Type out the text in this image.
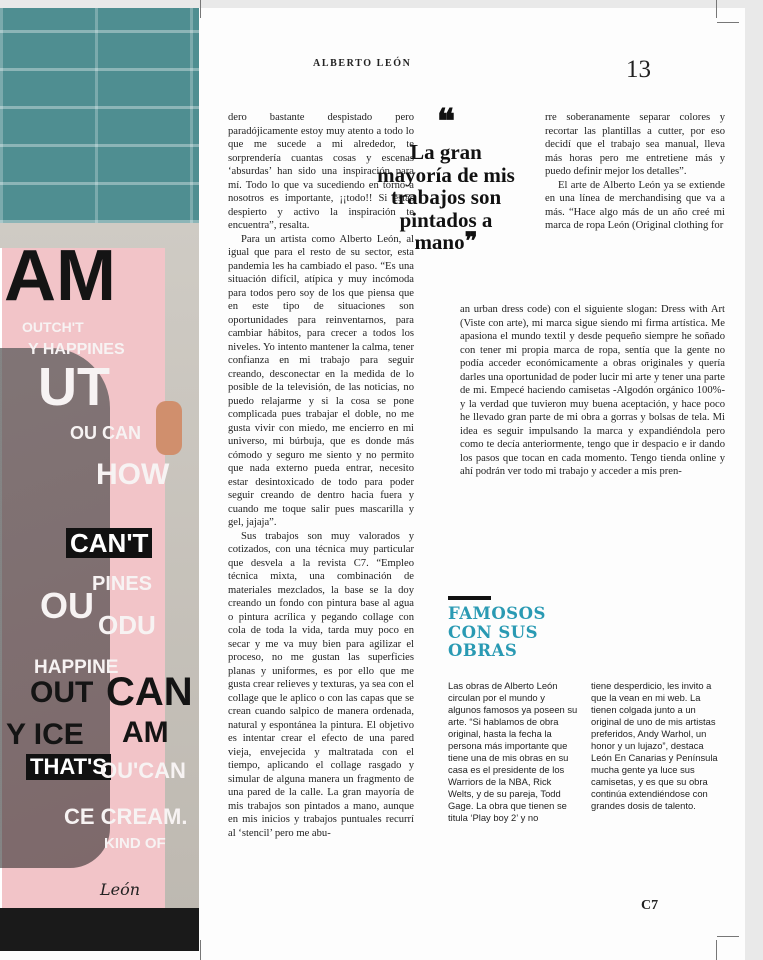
AM
OUTCH'T
Y HAPPINES
UT
OU CAN
HOW
CAN'T
PINES
OU ODU
HAPPINE
OUT CAN
Y ICE AM
THAT'S
OU'CAN
CE CREAM.
KIND OF
León
ALBERTO LEÓN	13

dero bastante despistado pero paradójicamente estoy muy atento a todo lo que me sucede a mi alrededor, te sorprendería cuantas cosas y escenas ‘absurdas’ han sido una inspiración para mí. Todo lo que va sucediendo en torno a nosotros es importante, ¡¡todo!! Si estás despierto y activo la inspiración te encuentra”, resalta.

Para un artista como Alberto León, al igual que para el resto de su sector, esta pandemia les ha cambiado el paso. “Es una situación difícil, atípica y muy incómoda para todos pero soy de los que piensa que en este tipo de situaciones son oportunidades para reinventarnos, para cambiar hábitos, para crecer a todos los niveles. Yo intento mantener la calma, tener confianza en mi trabajo para seguir creando, desconectar en la medida de lo posible de la televisión, de las noticias, no puedo relajarme y si la cosa se pone complicada pues trabajar el doble, no me gusta vivir con miedo, me encierro en mi universo, mi búrbuja, que es donde más cómodo y seguro me siento y no permito que nada externo pueda entrar, necesito estar desintoxicado de todo para poder seguir creando de dentro hacia fuera y cuando me toque salir pues mascarilla y gel, jajaja”.

Sus trabajos son muy valorados y cotizados, con una técnica muy particular que desvela a la revista C7. “Empleo técnica mixta, una combinación de materiales mezclados, la base se la doy creando un fondo con pintura base al agua o pintura acrílica y pegando collage con cola de toda la vida, tarda muy poco en secar y me va muy bien para agilizar el proceso, no me gustan las superficies planas y uniformes, es por ello que me gusta crear relieves y texturas, ya sea con el collage que le aplico o con las capas que se crean cuando salpico de manera ordenada, natural y espontánea la pintura. El objetivo es intentar crear el efecto de una pared vieja, envejecida y maltratada con el tiempo, aplicando el collage rasgado y simular de alguna manera un fragmento de una pared de la calle. La gran mayoría de mis trabajos son pintados a mano, aunque en mis inicios y trabajos puntuales recurrí al ‘stencil’ pero me abu-

❝
La gran mayoría de mis trabajos son pintados a mano❞

rre soberanamente separar colores y recortar las plantillas a cutter, por eso decidí que el trabajo sea manual, lleva más horas pero me entretiene más y puedo definir mejor los detalles”.

El arte de Alberto León ya se extiende en una línea de merchandising que va a más. “Hace algo más de un año creé mi marca de ropa León (Original clothing for

an urban dress code) con el siguiente slogan: Dress with Art (Viste con arte), mi marca sigue siendo mi firma artística. Me apasiona el mundo textil y desde pequeño siempre he soñado con tener mi propia marca de ropa, sentía que la gente no podía acceder económicamente a obras originales y quería darles una oportunidad de poder lucir mi arte y tener una parte de mi. Empecé haciendo camisetas -Algodón orgánico 100%- y la verdad que tuvieron muy buena aceptación, y hace poco he llevado gran parte de mi obra a gorras y bolsas de tela. Mi idea es seguir impulsando la marca y expandiéndola pero como te decía anteriormente, tengo que ir despacio e ir dando los pasos que tocan en cada momento. Tengo tienda online y ahí podrán ver todo mi trabajo y acceder a mis pren-

FAMOSOS
CON SUS
OBRAS

Las obras de Alberto León circulan por el mundo y algunos famosos ya poseen su arte. “Si hablamos de obra original, hasta la fecha la persona más importante que tiene una de mis obras en su casa es el presidente de los Warriors de la NBA, Rick Welts, y de su pareja, Todd Gage. La obra que tienen se titula ‘Play boy 2’ y no

tiene desperdicio, les invito a que la vean en mi web. La tienen colgada junto a un original de uno de mis artistas preferidos, Andy Warhol, un honor y un lujazo”, destaca León En Canarias y Península mucha gente ya luce sus camisetas, y es que su obra continúa extendiéndose con grandes dosis de talento.

C7
